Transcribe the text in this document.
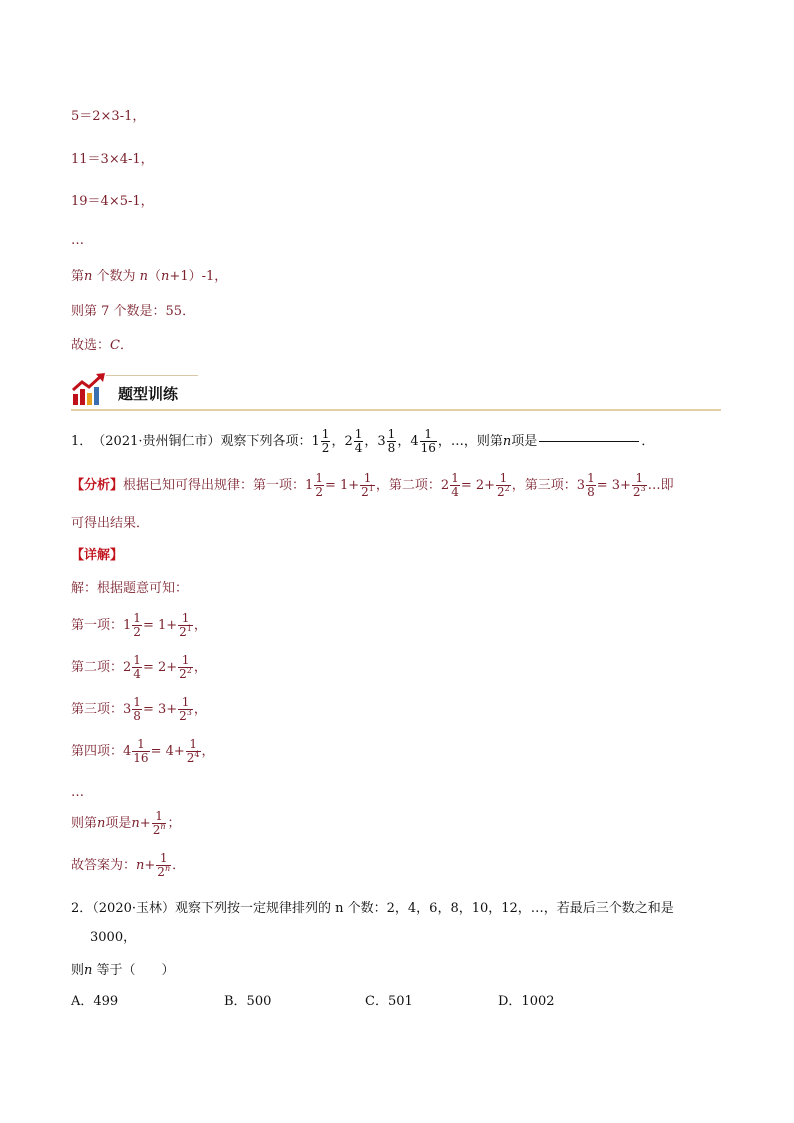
5＝2×3-1，
11＝3×4-1，
19＝4×5-1，
…
第n 个数为 n（n+1）-1，
则第 7 个数是：55．
故选：C．
题型训练
1． （2021·贵州铜仁市） 观察下列各项： $1 \frac{1}{2}$ ， $2 \frac{1}{4}$ ， $3 \frac{1}{8}$ ， $4 \frac{1}{16}$ ，…， 则第 n 项是	．
【分析】 根据已知可得出规律：第一项： $1 \frac{1}{2} = 1+ \frac{1}{2^1}$ ，第二项： $2 \frac{1}{4} = 2+ \frac{1}{2^2}$ ，第三项： $3 \frac{1}{8} = 3+ \frac{1}{2^3}$ …即
可得出结果．
【详解】
解：根据题意可知：
第一项： $1 \frac{1}{2} = 1+ \frac{1}{2^1}$ ，
第二项： $2 \frac{1}{4} = 2+ \frac{1}{2^2}$ ，
第三项： $3 \frac{1}{8} = 3+ \frac{1}{2^3}$ ，
第四项： $4 \frac{1}{16} = 4+ \frac{1}{2^4}$ ，
…
则第 n 项是 $n + \frac{1}{2^n}$ ；
故答案为： $n + \frac{1}{2^n}$ ．
2．（2020·玉林）观察下列按一定规律排列的 n 个数：2，4，6，8，10，12，…，若最后三个数之和是
3000，
则n 等于（　　）
A．499	B．500	C．501	D．1002
